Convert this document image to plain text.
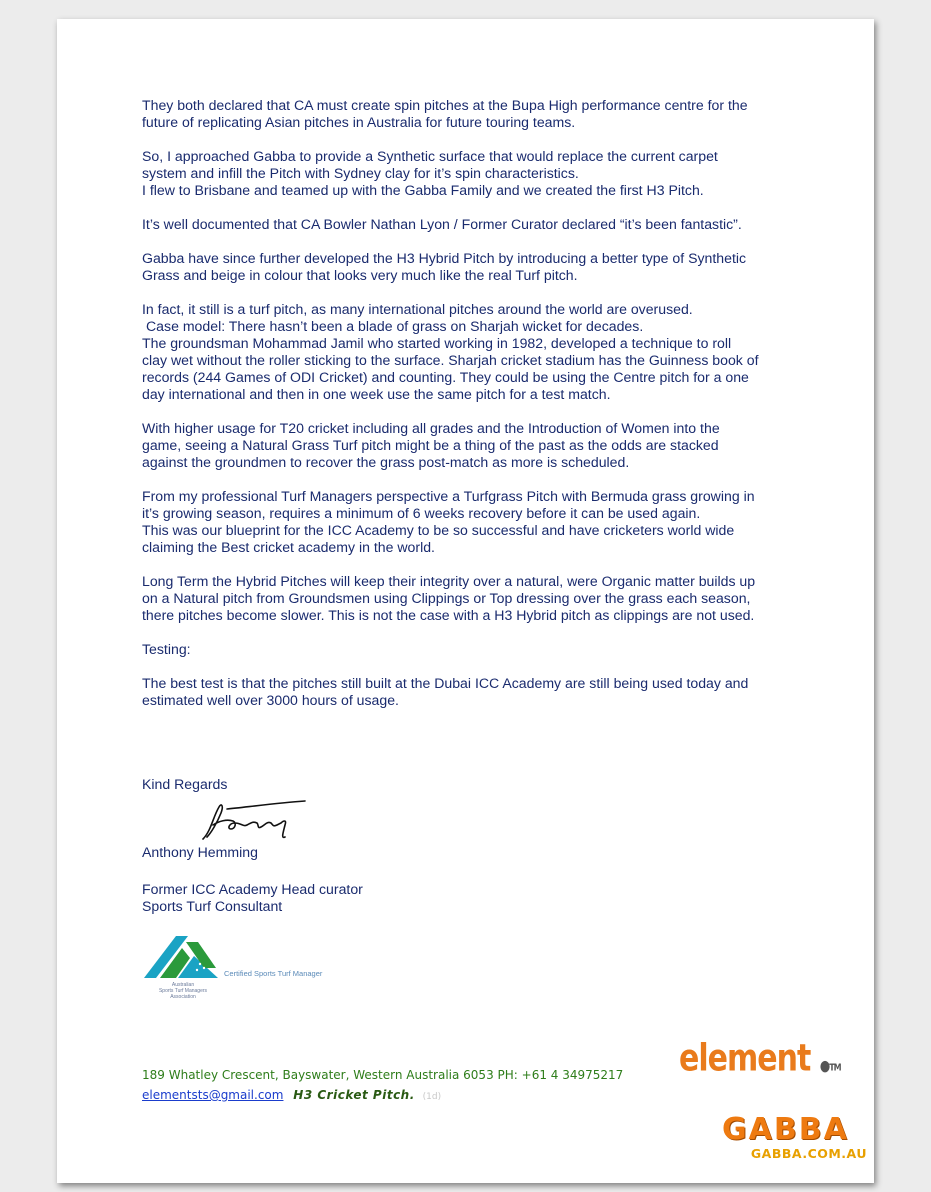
They both declared that CA must create spin pitches at the Bupa High performance centre for the
future of replicating Asian pitches in Australia for future touring teams.

So, I approached Gabba to provide a Synthetic surface that would replace the current carpet
system and infill the Pitch with Sydney clay for it’s spin characteristics.
I flew to Brisbane and teamed up with the Gabba Family and we created the first H3 Pitch.

It’s well documented that CA Bowler Nathan Lyon / Former Curator declared “it’s been fantastic”.

Gabba have since further developed the H3 Hybrid Pitch by introducing a better type of Synthetic
Grass and beige in colour that looks very much like the real Turf pitch.

In fact, it still is a turf pitch, as many international pitches around the world are overused.
Case model: There hasn’t been a blade of grass on Sharjah wicket for decades.
The groundsman Mohammad Jamil who started working in 1982, developed a technique to roll
clay wet without the roller sticking to the surface. Sharjah cricket stadium has the Guinness book of
records (244 Games of ODI Cricket) and counting. They could be using the Centre pitch for a one
day international and then in one week use the same pitch for a test match.

With higher usage for T20 cricket including all grades and the Introduction of Women into the
game, seeing a Natural Grass Turf pitch might be a thing of the past as the odds are stacked
against the groundmen to recover the grass post-match as more is scheduled.

From my professional Turf Managers perspective a Turfgrass Pitch with Bermuda grass growing in
it’s growing season, requires a minimum of 6 weeks recovery before it can be used again.
This was our blueprint for the ICC Academy to be so successful and have cricketers world wide
claiming the Best cricket academy in the world.

Long Term the Hybrid Pitches will keep their integrity over a natural, were Organic matter builds up
on a Natural pitch from Groundsmen using Clippings or Top dressing over the grass each season,
there pitches become slower. This is not the case with a H3 Hybrid pitch as clippings are not used.

Testing:

The best test is that the pitches still built at the Dubai ICC Academy are still being used today and
estimated well over 3000 hours of usage.

Kind Regards
Anthony Hemming
Former ICC Academy Head curator
Sports Turf Consultant
Certified Sports Turf Manager
Australian
Sports Turf Managers
Association
189 Whatley Crescent, Bayswater, Western Australia 6053 PH: +61 4 34975217
elementsts@gmail.com H3 Cricket Pitch. (1d)
element ●TM
GABBA
GABBA.COM.AU
